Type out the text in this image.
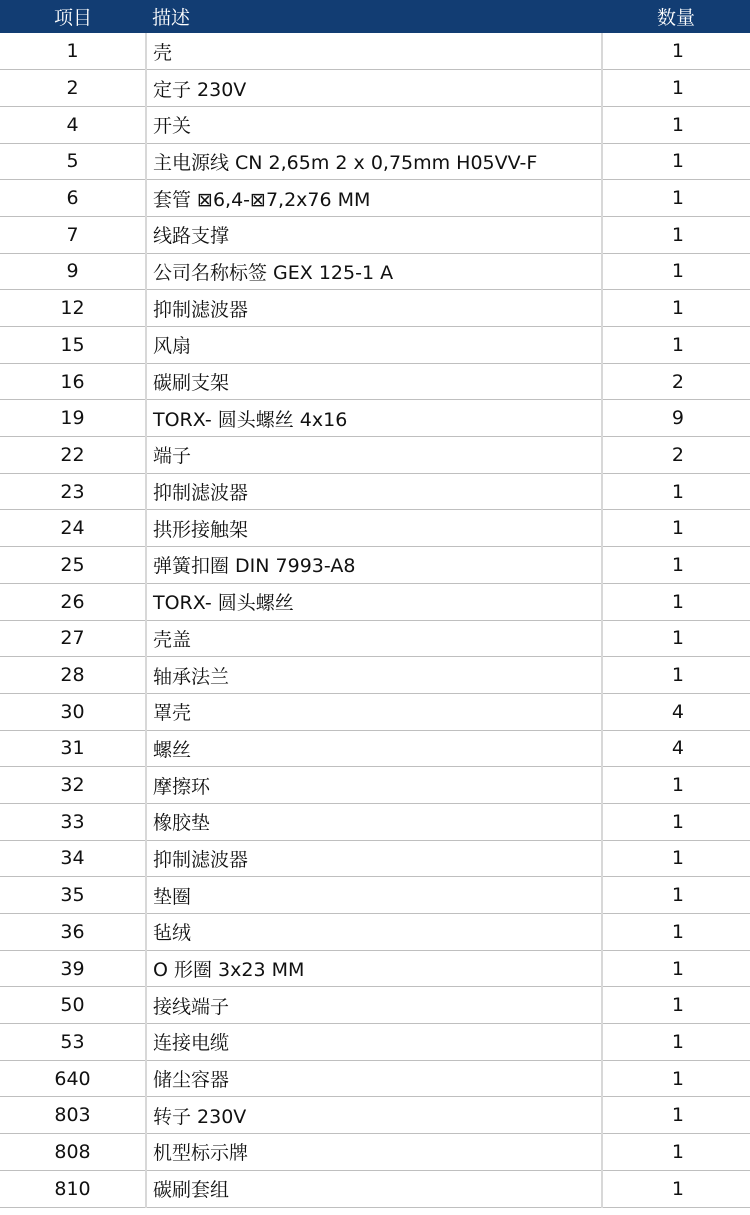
项目	描述	数量
1	壳	1
2	定子 230V	1
4	开关	1
5	主电源线 CN 2,65m 2 x 0,75mm H05VV-F	1
6	套管 ⊠6,4-⊠7,2x76 MM	1
7	线路支撑	1
9	公司名称标签 GEX 125-1 A	1
12	抑制滤波器	1
15	风扇	1
16	碳刷支架	2
19	TORX- 圆头螺丝 4x16	9
22	端子	2
23	抑制滤波器	1
24	拱形接触架	1
25	弹簧扣圈 DIN 7993-A8	1
26	TORX- 圆头螺丝	1
27	壳盖	1
28	轴承法兰	1
30	罩壳	4
31	螺丝	4
32	摩擦环	1
33	橡胶垫	1
34	抑制滤波器	1
35	垫圈	1
36	毡绒	1
39	O 形圈 3x23 MM	1
50	接线端子	1
53	连接电缆	1
640	储尘容器	1
803	转子 230V	1
808	机型标示牌	1
810	碳刷套组	1
